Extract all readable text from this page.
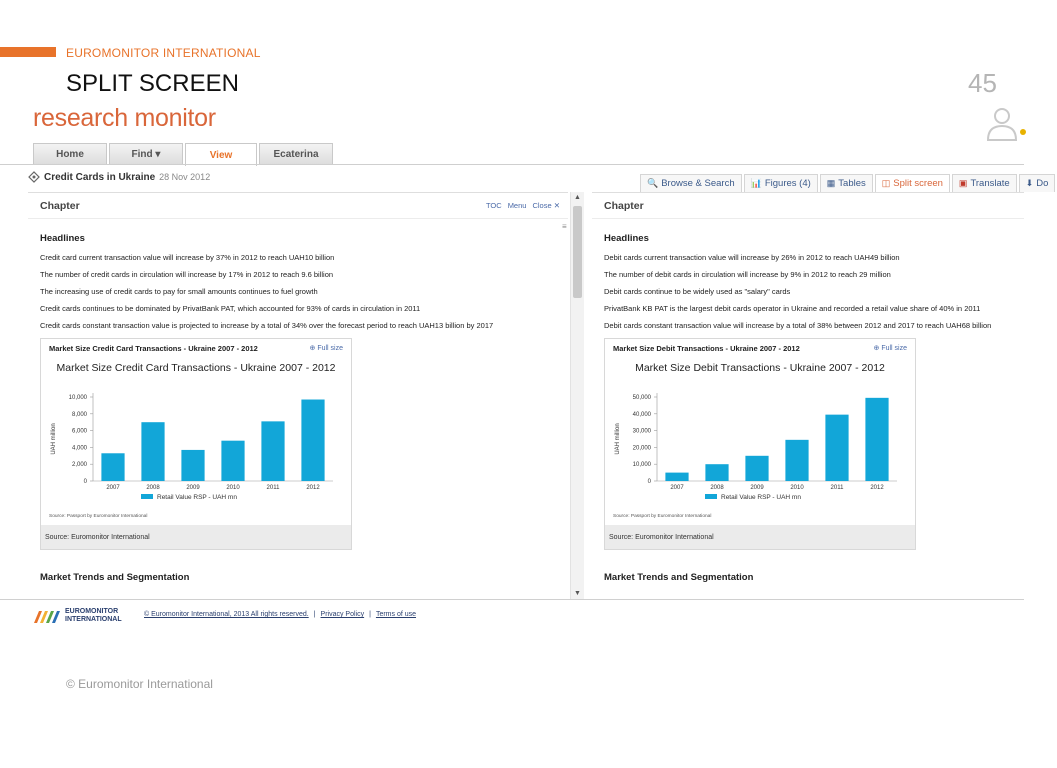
EUROMONITOR INTERNATIONAL
SPLIT SCREEN	45
research monitor
Home	Find ▾	View	Ecaterina
Credit Cards in Ukraine 28 Nov 2012
🔍 Browse & Search 📊 Figures (4) ▦ Tables ◫ Split screen ▣ Translate ⬇ Do
Chapter	TOC Menu Close ✕
Headlines
Credit card current transaction value will increase by 37% in 2012 to reach UAH10 billion
The number of credit cards in circulation will increase by 17% in 2012 to reach 9.6 billion
The increasing use of credit cards to pay for small amounts continues to fuel growth
Credit cards continues to be dominated by PrivatBank PAT, which accounted for 93% of cards in circulation in 2011
Credit cards constant transaction value is projected to increase by a total of 34% over the forecast period to reach UAH13 billion by 2017
Market Size Credit Card Transactions - Ukraine 2007 - 2012	⊕ Full size
Market Size Credit Card Transactions - Ukraine 2007 - 2012
UAH million
0
2,000
4,000
6,000
8,000
10,000
2007	2008	2009	2010	2011	2012
Retail Value RSP - UAH mn
Source: Passport by Euromonitor International
Source: Euromonitor International
Market Trends and Segmentation
▲
≡
▼
Chapter
Headlines
Debit cards current transaction value will increase by 26% in 2012 to reach UAH49 billion
The number of debit cards in circulation will increase by 9% in 2012 to reach 29 million
Debit cards continue to be widely used as "salary" cards
PrivatBank KB PAT is the largest debit cards operator in Ukraine and recorded a retail value share of 40% in 2011
Debit cards constant transaction value will increase by a total of 38% between 2012 and 2017 to reach UAH68 billion
Market Size Debit Transactions - Ukraine 2007 - 2012	⊕ Full size
Market Size Debit Transactions - Ukraine 2007 - 2012
UAH million
0
10,000
20,000
30,000
40,000
50,000
2007	2008	2009	2010	2011	2012
Retail Value RSP - UAH mn
Source: Passport by Euromonitor International
Source: Euromonitor International
Market Trends and Segmentation
EUROMONITOR
INTERNATIONAL
© Euromonitor International, 2013 All rights reserved. | Privacy Policy | Terms of use
© Euromonitor International
